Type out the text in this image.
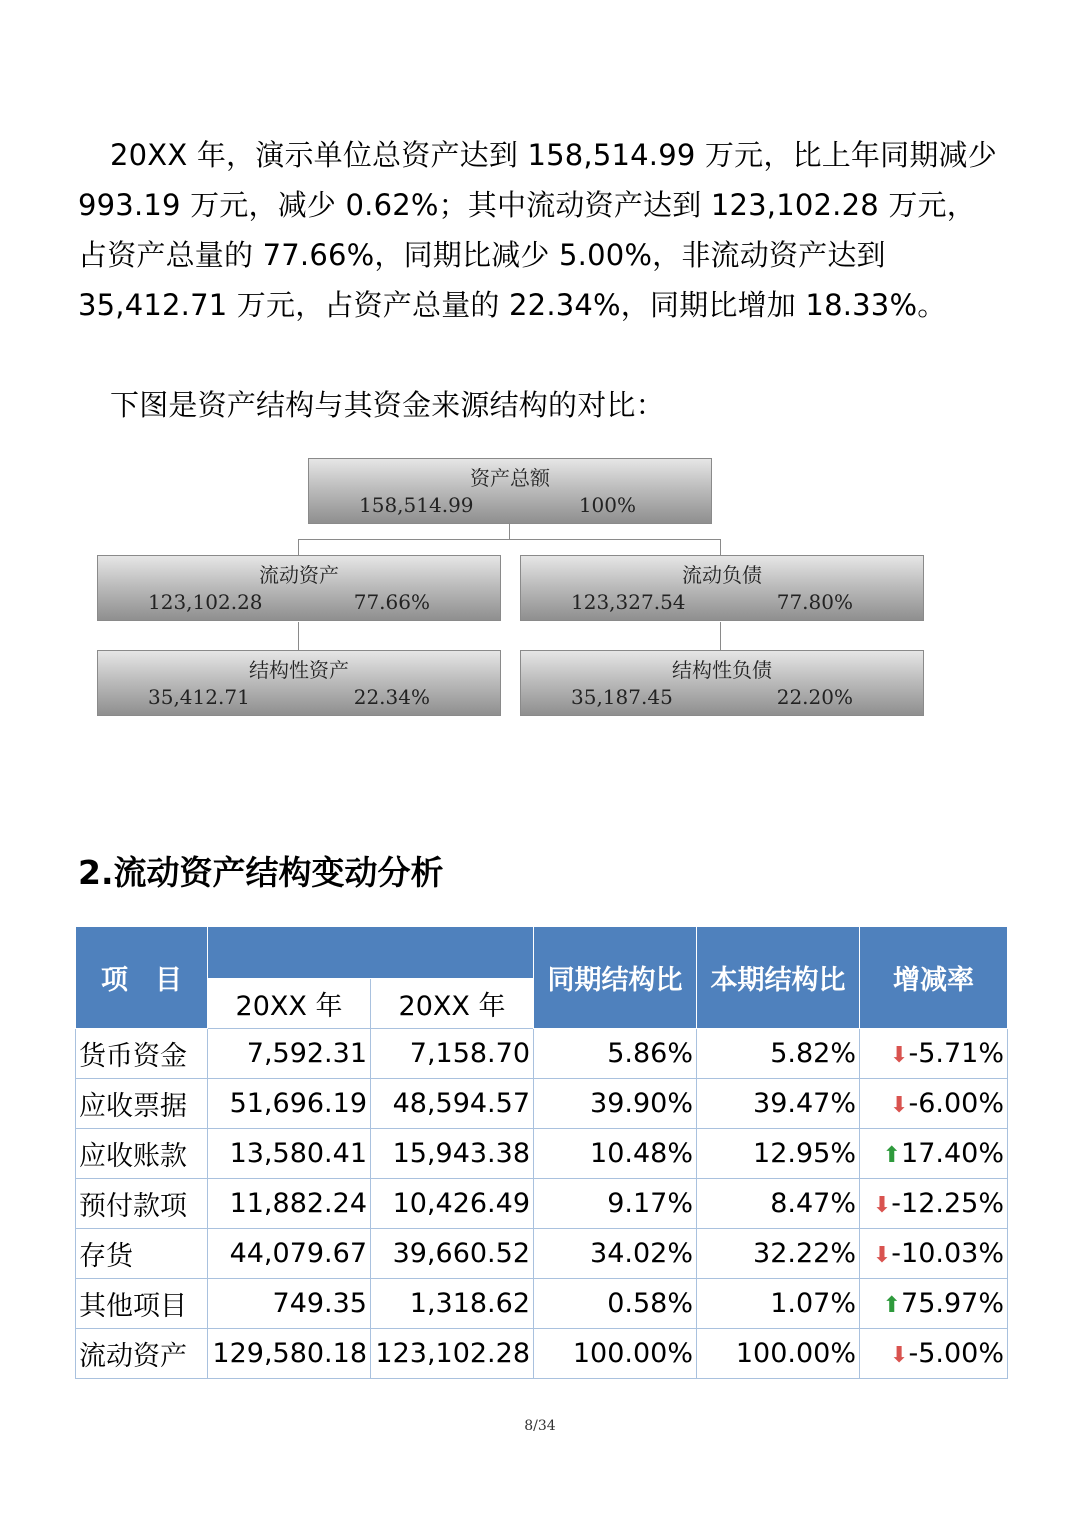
20XX 年，演示单位总资产达到 158,514.99 万元，比上年同期减少 993.19 万元，减少 0.62%；其中流动资产达到 123,102.28 万元，占资产总量的 77.66%，同期比减少 5.00%，非流动资产达到 35,412.71 万元，占资产总量的 22.34%，同期比增加 18.33%。
下图是资产结构与其资金来源结构的对比：
资产总额
158,514.99	100%
流动资产
123,102.28	77.66%
流动负债
123,327.54	77.80%
结构性资产
35,412.71	22.34%
结构性负债
35,187.45	22.20%
2.流动资产结构变动分析
项　目			同期结构比	本期结构比	增减率
	20XX 年	20XX 年			
货币资金	7,592.31	7,158.70	5.86%	5.82%	⬇-5.71%
应收票据	51,696.19	48,594.57	39.90%	39.47%	⬇-6.00%
应收账款	13,580.41	15,943.38	10.48%	12.95%	⬆17.40%
预付款项	11,882.24	10,426.49	9.17%	8.47%	⬇-12.25%
存货	44,079.67	39,660.52	34.02%	32.22%	⬇-10.03%
其他项目	749.35	1,318.62	0.58%	1.07%	⬆75.97%
流动资产	129,580.18	123,102.28	100.00%	100.00%	⬇-5.00%
8/34
